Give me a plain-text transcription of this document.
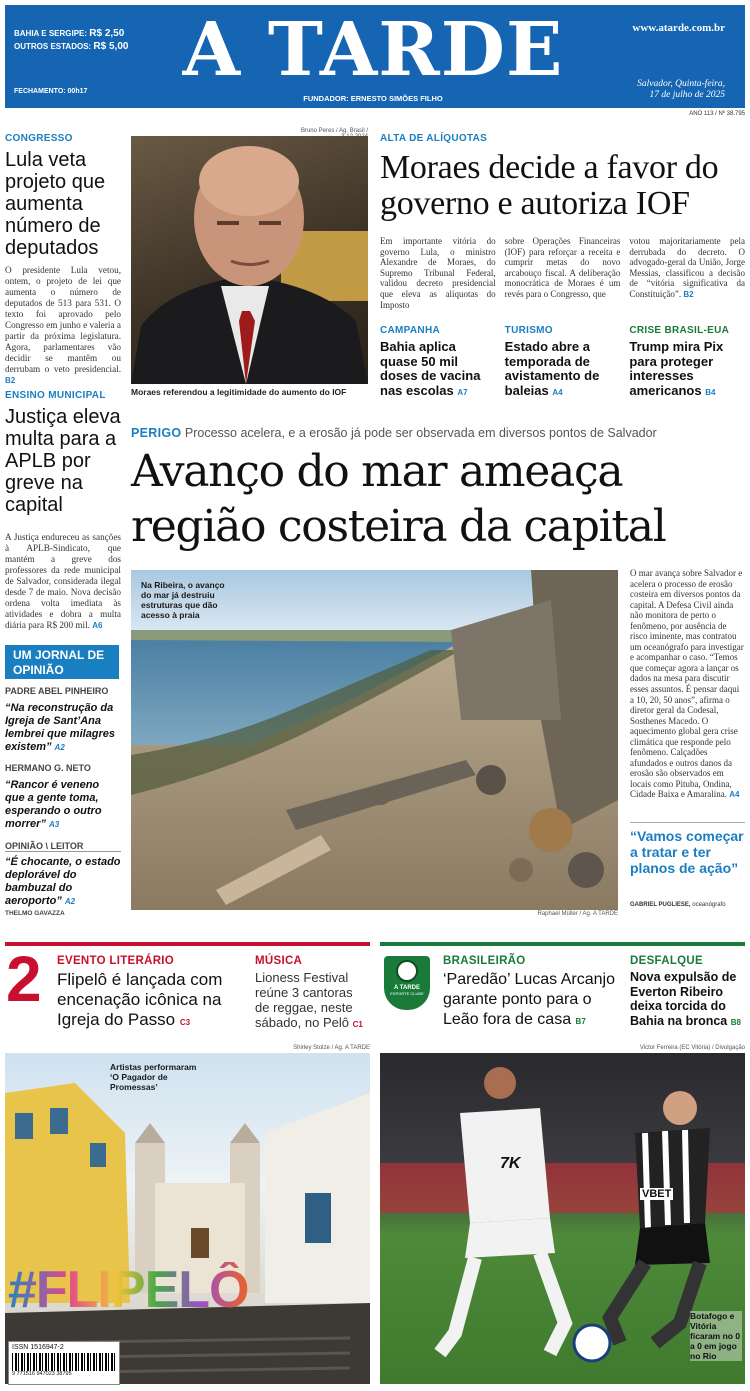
BAHIA E SERGIPE: R$ 2,50
OUTROS ESTADOS: R$ 5,00
FECHAMENTO: 00h17	A TARDE
FUNDADOR: ERNESTO SIMÕES FILHO
www.atarde.com.br
Salvador, Quinta-feira,
17 de julho de 2025
ANO 113 / Nº 38.795
CONGRESSO
Lula veta projeto que aumenta número de deputados
O presidente Lula vetou, ontem, o projeto de lei que aumenta o número de deputados de 513 para 531. O texto foi aprovado pelo Congresso em junho e valeria a partir da próxima legislatura. Agora, parlamentares vão decidir se mantêm ou derrubam o veto presidencial. B2
ENSINO MUNICIPAL
Justiça eleva multa para a APLB por greve na capital
A Justiça endureceu as sanções à APLB-Sindicato, que mantém a greve dos professores da rede municipal de Salvador, considerada ilegal desde 7 de maio. Nova decisão ordena volta imediata às atividades e dobra a multa diária para R$ 200 mil. A6
UM JORNAL DE OPINIÃO
PADRE ABEL PINHEIRO
“Na reconstrução da Igreja de Sant’Ana lembrei que milagres existem” A2
HERMANO G. NETO
“Rancor é veneno que a gente toma, esperando o outro morrer” A3
OPINIÃO \ LEITOR
“É chocante, o estado deplorável do bambuzal do aeroporto” A2
THELMO GAVAZZA
Bruno Peres / Ag. Brasil /
Moraes referendou a legitimidade do aumento do IOF
ALTA DE ALÍQUOTAS
Moraes decide a favor do governo e autoriza IOF
Em importante vitória do governo Lula, o ministro Alexandre de Moraes, do Supremo Tribunal Federal, validou decreto presidencial que elevа as alíquotas do Imposto
sobre Operações Financeiras (IOF) para reforçar a receita e cumprir metas do novo arcabouço fiscal. A deliberação monocrática de Moraes é um revés para o Congresso, que
votou majoritariamente pela derrubada do decreto. O advogado-geral da União, Jorge Messias, classificou a decisão de “vitória significativa da Constituição”. B2
CAMPANHA
Bahia aplica quase 50 mil doses de vacina nas escolas A7
TURISMO
Estado abre a temporada de avistamento de baleias A4
CRISE BRASIL-EUA
Trump mira Pix para proteger interesses americanos B4
PERIGO Processo acelera, e a erosão já pode ser observada em diversos pontos de Salvador
Avanço do mar ameaça
região costeira da capital
Na Ribeira, o avanço do mar já destruiu estruturas que dão acesso à praia
Raphael Müller / Ag. A TARDE
O mar avança sobre Salvador e acelera o processo de erosão costeira em diversos pontos da capital. A Defesa Civil ainda não monitora de perto o fenômeno, por ausência de risco iminente, mas contratou um oceanógrafo para investigar e acompanhar o caso. “Temos que começar agora a lançar os dados na mesa para discutir esses assuntos. É pensar daqui a 10, 20, 50 anos”, afirma o diretor geral da Codesal, Sosthenes Macedo. O aquecimento global gera crise climática que responde pelo fenômeno. Calçadões afundados e outros danos da erosão são observados em locais como Pituba, Ondina, Cidade Baixa e Amaralina. A4
“Vamos começar a tratar e ter planos de ação”
GABRIEL PUGLIESE, oceanógrafo
2 EVENTO LITERÁRIO
Flipelô é lançada com encenação icônica na Igreja do Passo C3
MÚSICA
Lioness Festival reúne 3 cantoras de reggae, neste sábado, no Pelô C1
Shirley Stolze / Ag. A TARDE
Artistas performaram ‘O Pagador de Promessas’
#FLIPELÔ
ISSN 1516947-2
9 771516 947023 38795
A TARDE
ESPORTE CLUBE
BRASILEIRÃO
‘Paredão’ Lucas Arcanjo garante ponto para o Leão fora de casa B7
DESFALQUE
Nova expulsão de Everton Ribeiro deixa torcida do Bahia na bronca B8
Victor Ferreira (EC Vitória) / Divulgação
7K
VBET
Botafogo e Vitória ficaram no 0 a 0 em jogo no Rio
